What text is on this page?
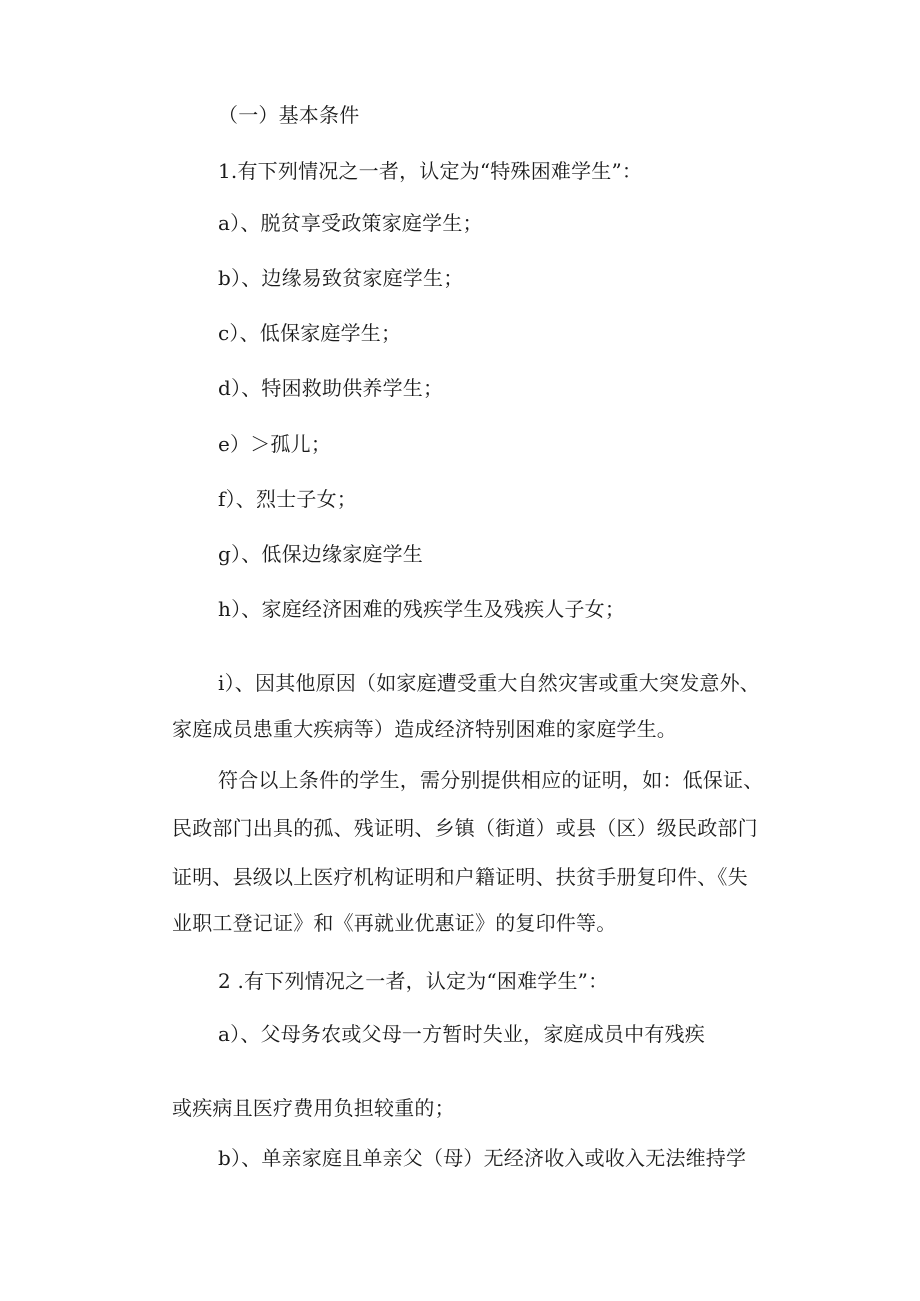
（一）基本条件
1.有下列情况之一者，认定为“特殊困难学生”：
a）、脱贫享受政策家庭学生；
b）、边缘易致贫家庭学生；
c）、低保家庭学生；
d）、特困救助供养学生；
e）＞孤儿；
f）、烈士子女；
g）、低保边缘家庭学生
h）、家庭经济困难的残疾学生及残疾人子女；
i）、因其他原因（如家庭遭受重大自然灾害或重大突发意外、
家庭成员患重大疾病等）造成经济特别困难的家庭学生。
符合以上条件的学生，需分别提供相应的证明，如：低保证、
民政部门出具的孤、残证明、乡镇（街道）或县（区）级民政部门
证明、县级以上医疗机构证明和户籍证明、扶贫手册复印件、《失
业职工登记证》和《再就业优惠证》的复印件等。
2 .有下列情况之一者，认定为“困难学生”：
a）、父母务农或父母一方暂时失业，家庭成员中有残疾
或疾病且医疗费用负担较重的；
b）、单亲家庭且单亲父（母）无经济收入或收入无法维持学
